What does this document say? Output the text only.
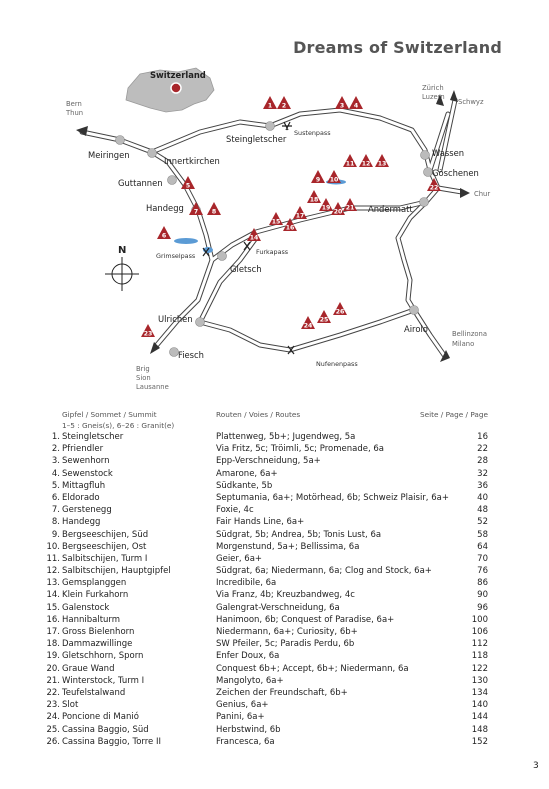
Dreams of Switzerland
Switzerland
N
Meiringen
Innertkirchen
Guttannen
Handegg
Grimselpass
Gletsch
Furkapass
Steingletscher
Sustenpass
Wassen
Göschenen
Andermatt
Airolo
Ulrichen
Fiesch
Nufenenpass
Bern
Thun
Zürich
Luzern
Schwyz
Chur
Bellinzona
Milano
Brig
Sion
Lausanne
1 2	3 4
5
6
7 8
9 10
11 12 13
14
15
16
17
18
19
20
21
22
23
24
25
26
Gipfel / Sommet / Summit
1–5 : Gneis(s), 6–26 : Granit(e)
Routen / Voies / Routes	Seite / Page / Page
1. Steingletscher	Plattenweg, 5b+; Jugendweg, 5a	16
2. Pfriendler	Via Fritz, 5c; Tröimli, 5c; Promenade, 6a	22
3. Sewenhorn	Epp-Verschneidung, 5a+	28
4. Sewenstock	Amarone, 6a+	32
5. Mittagfluh	Südkante, 5b	36
6. Eldorado	Septumania, 6a+; Motörhead, 6b; Schweiz Plaisir, 6a+	40
7. Gerstenegg	Foxie, 4c	48
8. Handegg	Fair Hands Line, 6a+	52
9. Bergseeschijen, Süd	Südgrat, 5b; Andrea, 5b; Tonis Lust, 6a	58
10. Bergseeschijen, Ost	Morgenstund, 5a+; Bellissima, 6a	64
11. Salbitschijen, Turm I	Geier, 6a+	70
12. Salbitschijen, Hauptgipfel	Südgrat, 6a; Niedermann, 6a; Clog and Stock, 6a+	76
13. Gemsplanggen	Incredibile, 6a	86
14. Klein Furkahorn	Via Franz, 4b; Kreuzbandweg, 4c	90
15. Galenstock	Galengrat-Verschneidung, 6a	96
16. Hannibalturm	Hanimoon, 6b; Conquest of Paradise, 6a+	100
17. Gross Bielenhorn	Niedermann, 6a+; Curiosity, 6b+	106
18. Dammazwillinge	SW Pfeiler, 5c; Paradis Perdu, 6b	112
19. Gletschhorn, Sporn	Enfer Doux, 6a	118
20. Graue Wand	Conquest 6b+; Accept, 6b+; Niedermann, 6a	122
21. Winterstock, Turm I	Mangolyto, 6a+	130
22. Teufelstalwand	Zeichen der Freundschaft, 6b+	134
23. Slot	Genius, 6a+	140
24. Poncione di Manió	Panini, 6a+	144
25. Cassina Baggio, Süd	Herbstwind, 6b	148
26. Cassina Baggio, Torre II	Francesca, 6a	152
3
